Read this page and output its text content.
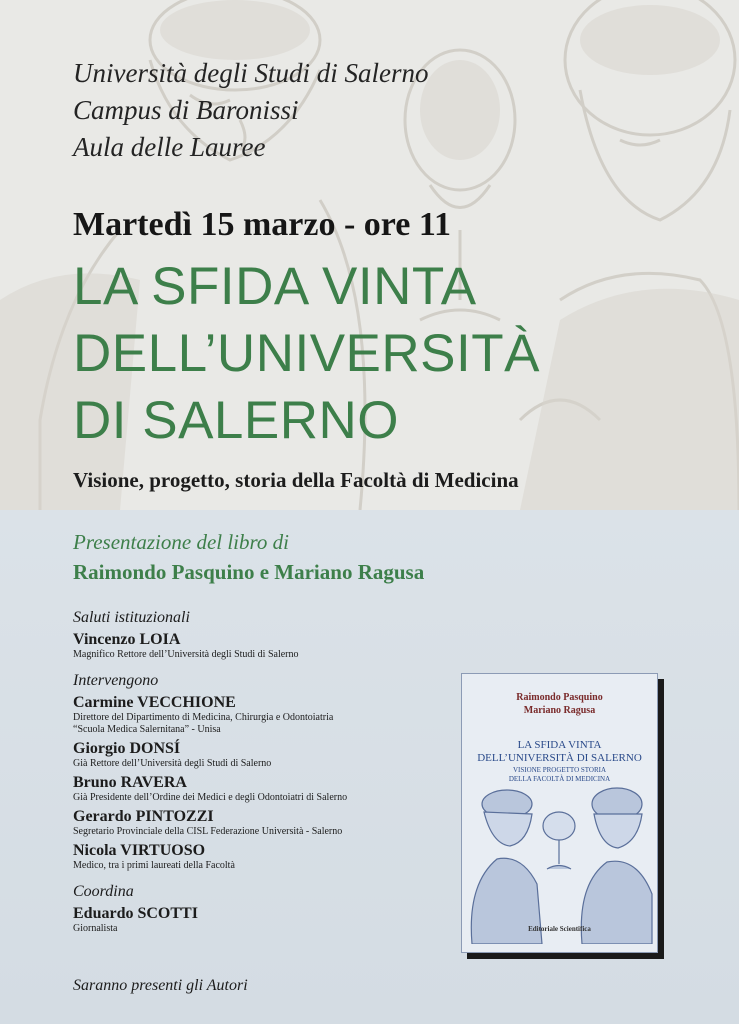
Università degli Studi di Salerno
Campus di Baronissi
Aula delle Lauree
Martedì 15 marzo - ore 11
LA SFIDA VINTA
DELL’UNIVERSITÀ
DI SALERNO
Visione, progetto, storia della Facoltà di Medicina
Presentazione del libro di
Raimondo Pasquino e Mariano Ragusa
Saluti istituzionali
Vincenzo LOIA
Magnifico Rettore dell’Università degli Studi di Salerno
Intervengono
Carmine VECCHIONE
Direttore del Dipartimento di Medicina, Chirurgia e Odontoiatria
“Scuola Medica Salernitana” - Unisa
Giorgio DONSÍ
Già Rettore dell’Università degli Studi di Salerno
Bruno RAVERA
Già Presidente dell’Ordine dei Medici e degli Odontoiatri di Salerno
Gerardo PINTOZZI
Segretario Provinciale della CISL Federazione Università - Salerno
Nicola VIRTUOSO
Medico, tra i primi laureati della Facoltà
Coordina
Eduardo SCOTTI
Giornalista
Saranno presenti gli Autori
Raimondo Pasquino
Mariano Ragusa
LA SFIDA VINTA
DELL’UNIVERSITÀ DI SALERNO
VISIONE PROGETTO STORIA
DELLA FACOLTÀ DI MEDICINA
Editoriale Scientifica
